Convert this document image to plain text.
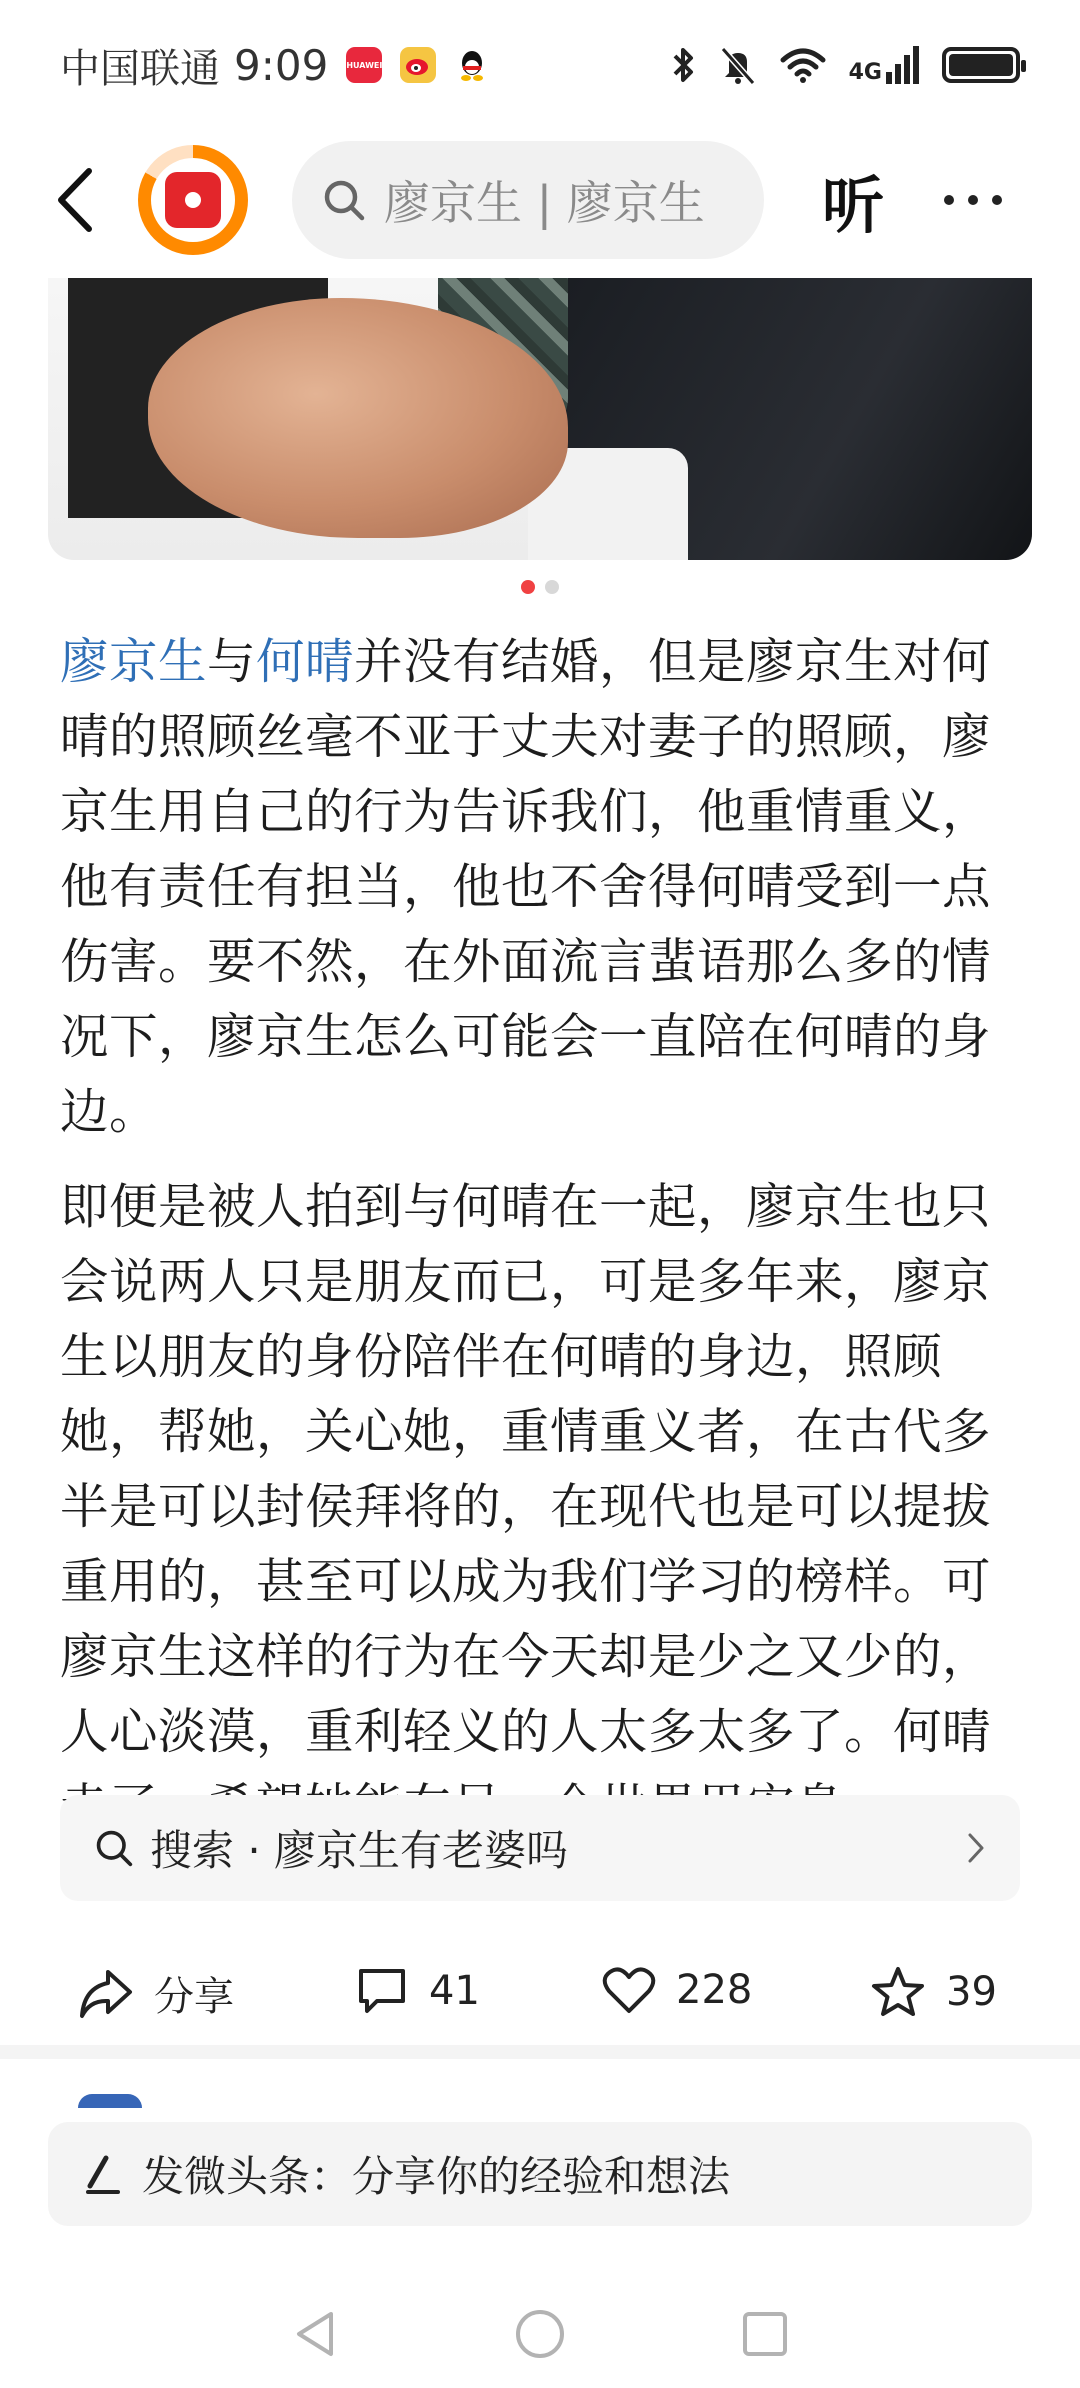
中国联通 9:09 HUAWEI	4G
廖京生 | 廖京生 听

廖京生与何晴并没有结婚，但是廖京生对何晴的照顾丝毫不亚于丈夫对妻子的照顾，廖京生用自己的行为告诉我们，他重情重义，他有责任有担当，他也不舍得何晴受到一点伤害。要不然，在外面流言蜚语那么多的情况下，廖京生怎么可能会一直陪在何晴的身边。

即便是被人拍到与何晴在一起，廖京生也只会说两人只是朋友而已，可是多年来，廖京生以朋友的身份陪伴在何晴的身边，照顾她，帮她，关心她，重情重义者，在古代多半是可以封侯拜将的，在现代也是可以提拔重用的，甚至可以成为我们学习的榜样。可廖京生这样的行为在今天却是少之又少的，人心淡漠，重利轻义的人太多太多了。何晴

搜索 · 廖京生有老婆吗
分享	41	228	39
发微头条：分享你的经验和想法
